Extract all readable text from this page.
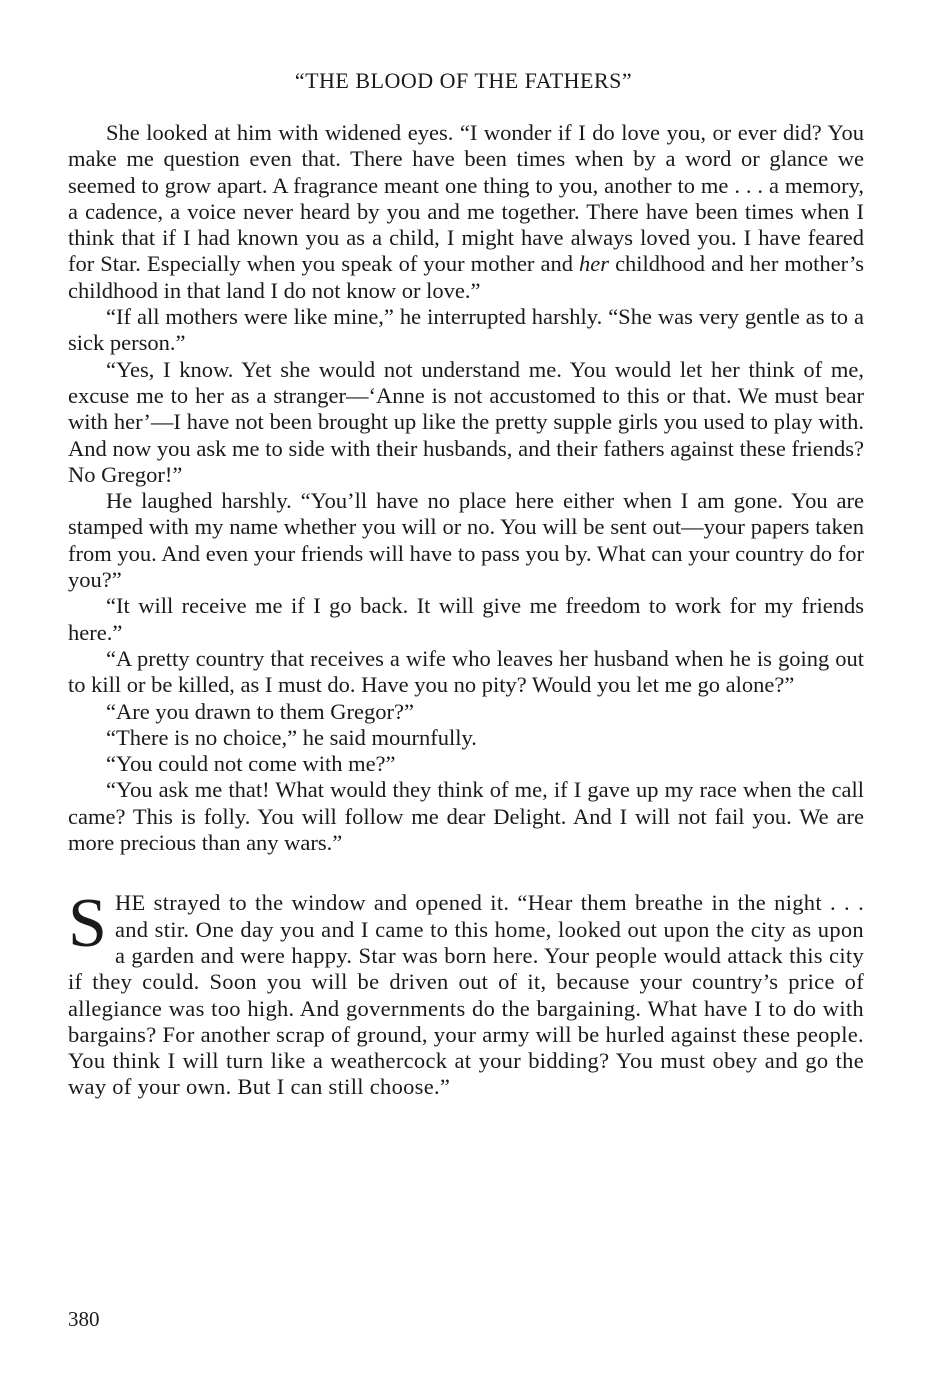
“THE BLOOD OF THE FATHERS”

She looked at him with widened eyes. “I wonder if I do love you, or ever did? You make me question even that. There have been times when by a word or glance we seemed to grow apart. A fragrance meant one thing to you, another to me . . . a memory, a cadence, a voice never heard by you and me together. There have been times when I think that if I had known you as a child, I might have always loved you. I have feared for Star. Especially when you speak of your mother and her childhood and her mother’s childhood in that land I do not know or love.”

“If all mothers were like mine,” he interrupted harshly. “She was very gentle as to a sick person.”

“Yes, I know. Yet she would not understand me. You would let her think of me, excuse me to her as a stranger—‘Anne is not accustomed to this or that. We must bear with her’—I have not been brought up like the pretty supple girls you used to play with. And now you ask me to side with their husbands, and their fathers against these friends? No Gregor!”

He laughed harshly. “You’ll have no place here either when I am gone. You are stamped with my name whether you will or no. You will be sent out—your papers taken from you. And even your friends will have to pass you by. What can your country do for you?”

“It will receive me if I go back. It will give me freedom to work for my friends here.”

“A pretty country that receives a wife who leaves her husband when he is going out to kill or be killed, as I must do. Have you no pity? Would you let me go alone?”

“Are you drawn to them Gregor?”

“There is no choice,” he said mournfully.

“You could not come with me?”

“You ask me that! What would they think of me, if I gave up my race when the call came? This is folly. You will follow me dear Delight. And I will not fail you. We are more precious than any wars.”

SHE strayed to the window and opened it. “Hear them breathe in the night . . . and stir. One day you and I came to this home, looked out upon the city as upon a garden and were happy. Star was born here. Your people would attack this city if they could. Soon you will be driven out of it, because your country’s price of allegiance was too high. And governments do the bargaining. What have I to do with bargains? For another scrap of ground, your army will be hurled against these people. You think I will turn like a weathercock at your bidding? You must obey and go the way of your own. But I can still choose.”

380
